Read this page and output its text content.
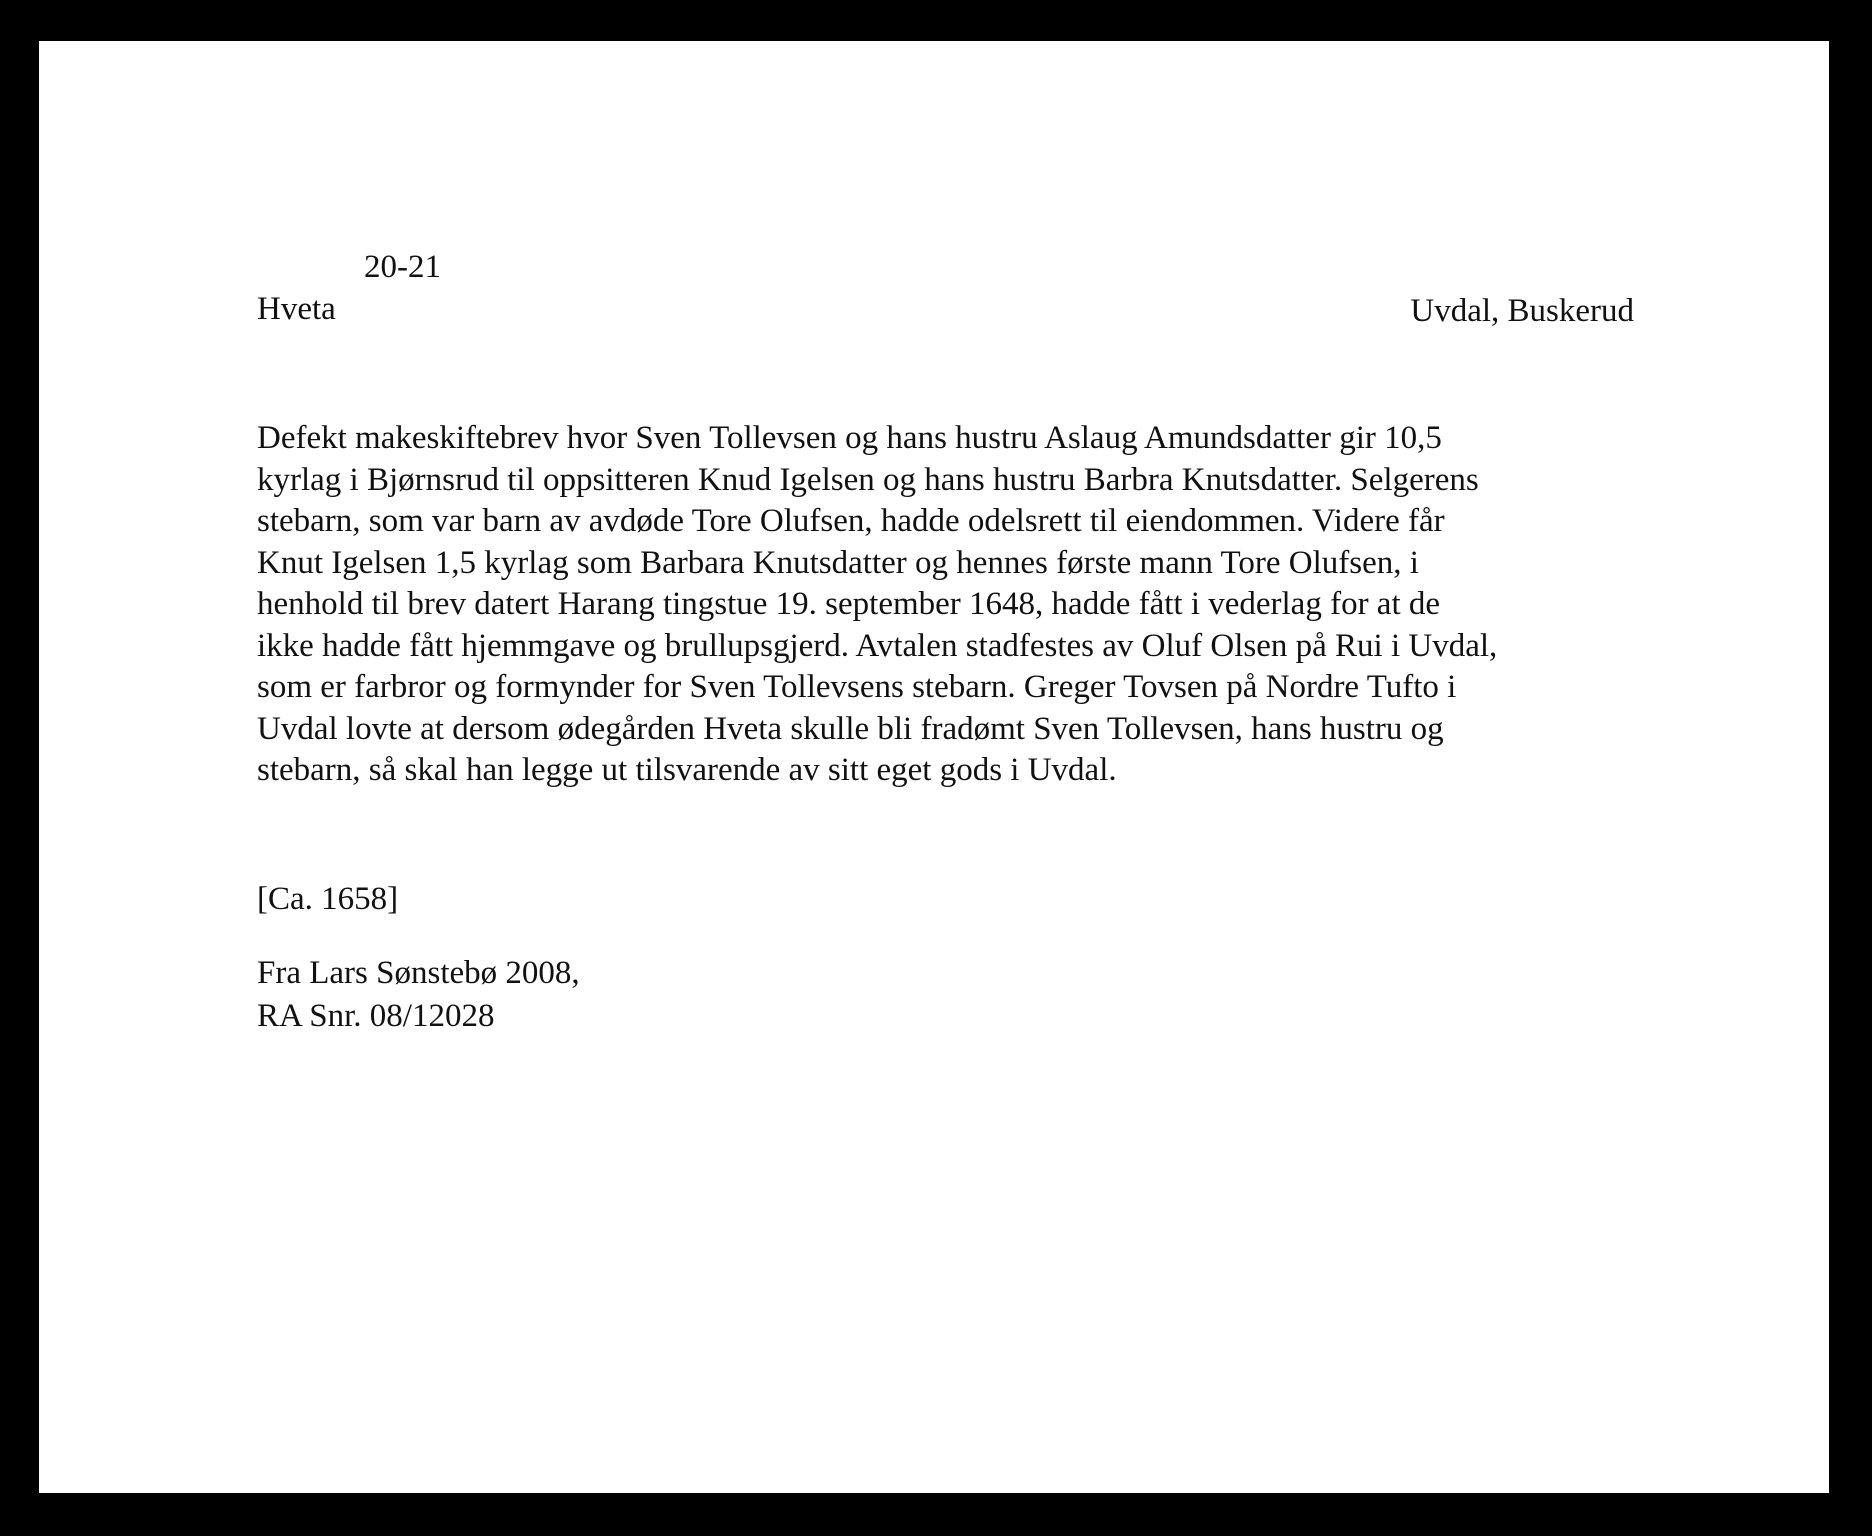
20-21

Hveta	Uvdal, Buskerud

Defekt makeskiftebrev hvor Sven Tollevsen og hans hustru Aslaug Amundsdatter gir 10,5
kyrlag i Bjørnsrud til oppsitteren Knud Igelsen og hans hustru Barbra Knutsdatter. Selgerens
stebarn, som var barn av avdøde Tore Olufsen, hadde odelsrett til eiendommen. Videre får
Knut Igelsen 1,5 kyrlag som Barbara Knutsdatter og hennes første mann Tore Olufsen, i
henhold til brev datert Harang tingstue 19. september 1648, hadde fått i vederlag for at de
ikke hadde fått hjemmgave og brullupsgjerd. Avtalen stadfestes av Oluf Olsen på Rui i Uvdal,
som er farbror og formynder for Sven Tollevsens stebarn. Greger Tovsen på Nordre Tufto i
Uvdal lovte at dersom ødegården Hveta skulle bli fradømt Sven Tollevsen, hans hustru og
stebarn, så skal han legge ut tilsvarende av sitt eget gods i Uvdal.

[Ca. 1658]

Fra Lars Sønstebø 2008,

RA Snr. 08/12028
